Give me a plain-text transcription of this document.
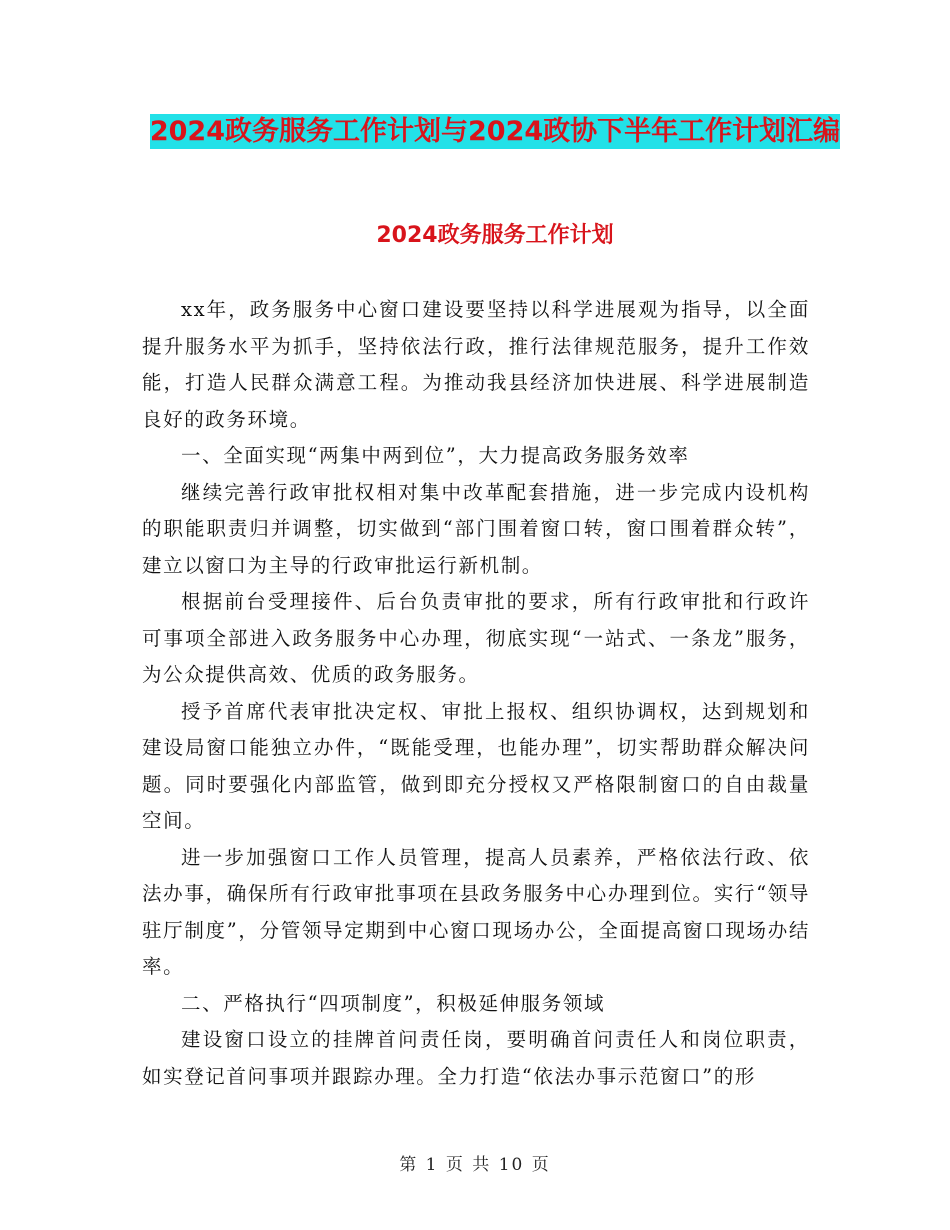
2024政务服务工作计划与2024政协下半年工作计划汇编
2024政务服务工作计划

xx年，政务服务中心窗口建设要坚持以科学进展观为指导，以全面提升服务水平为抓手，坚持依法行政，推行法律规范服务，提升工作效能，打造人民群众满意工程。为推动我县经济加快进展、科学进展制造良好的政务环境。

一、全面实现“两集中两到位”，大力提高政务服务效率

继续完善行政审批权相对集中改革配套措施，进一步完成内设机构的职能职责归并调整，切实做到“部门围着窗口转，窗口围着群众转”，建立以窗口为主导的行政审批运行新机制。

根据前台受理接件、后台负责审批的要求，所有行政审批和行政许可事项全部进入政务服务中心办理，彻底实现“一站式、一条龙”服务，为公众提供高效、优质的政务服务。

授予首席代表审批决定权、审批上报权、组织协调权，达到规划和建设局窗口能独立办件，“既能受理，也能办理”，切实帮助群众解决问题。同时要强化内部监管，做到即充分授权又严格限制窗口的自由裁量空间。

进一步加强窗口工作人员管理，提高人员素养，严格依法行政、依法办事，确保所有行政审批事项在县政务服务中心办理到位。实行“领导驻厅制度”，分管领导定期到中心窗口现场办公，全面提高窗口现场办结率。

二、严格执行“四项制度”，积极延伸服务领域

建设窗口设立的挂牌首问责任岗，要明确首问责任人和岗位职责，如实登记首问事项并跟踪办理。全力打造“依法办事示范窗口”的形

第 1 页 共 10 页
